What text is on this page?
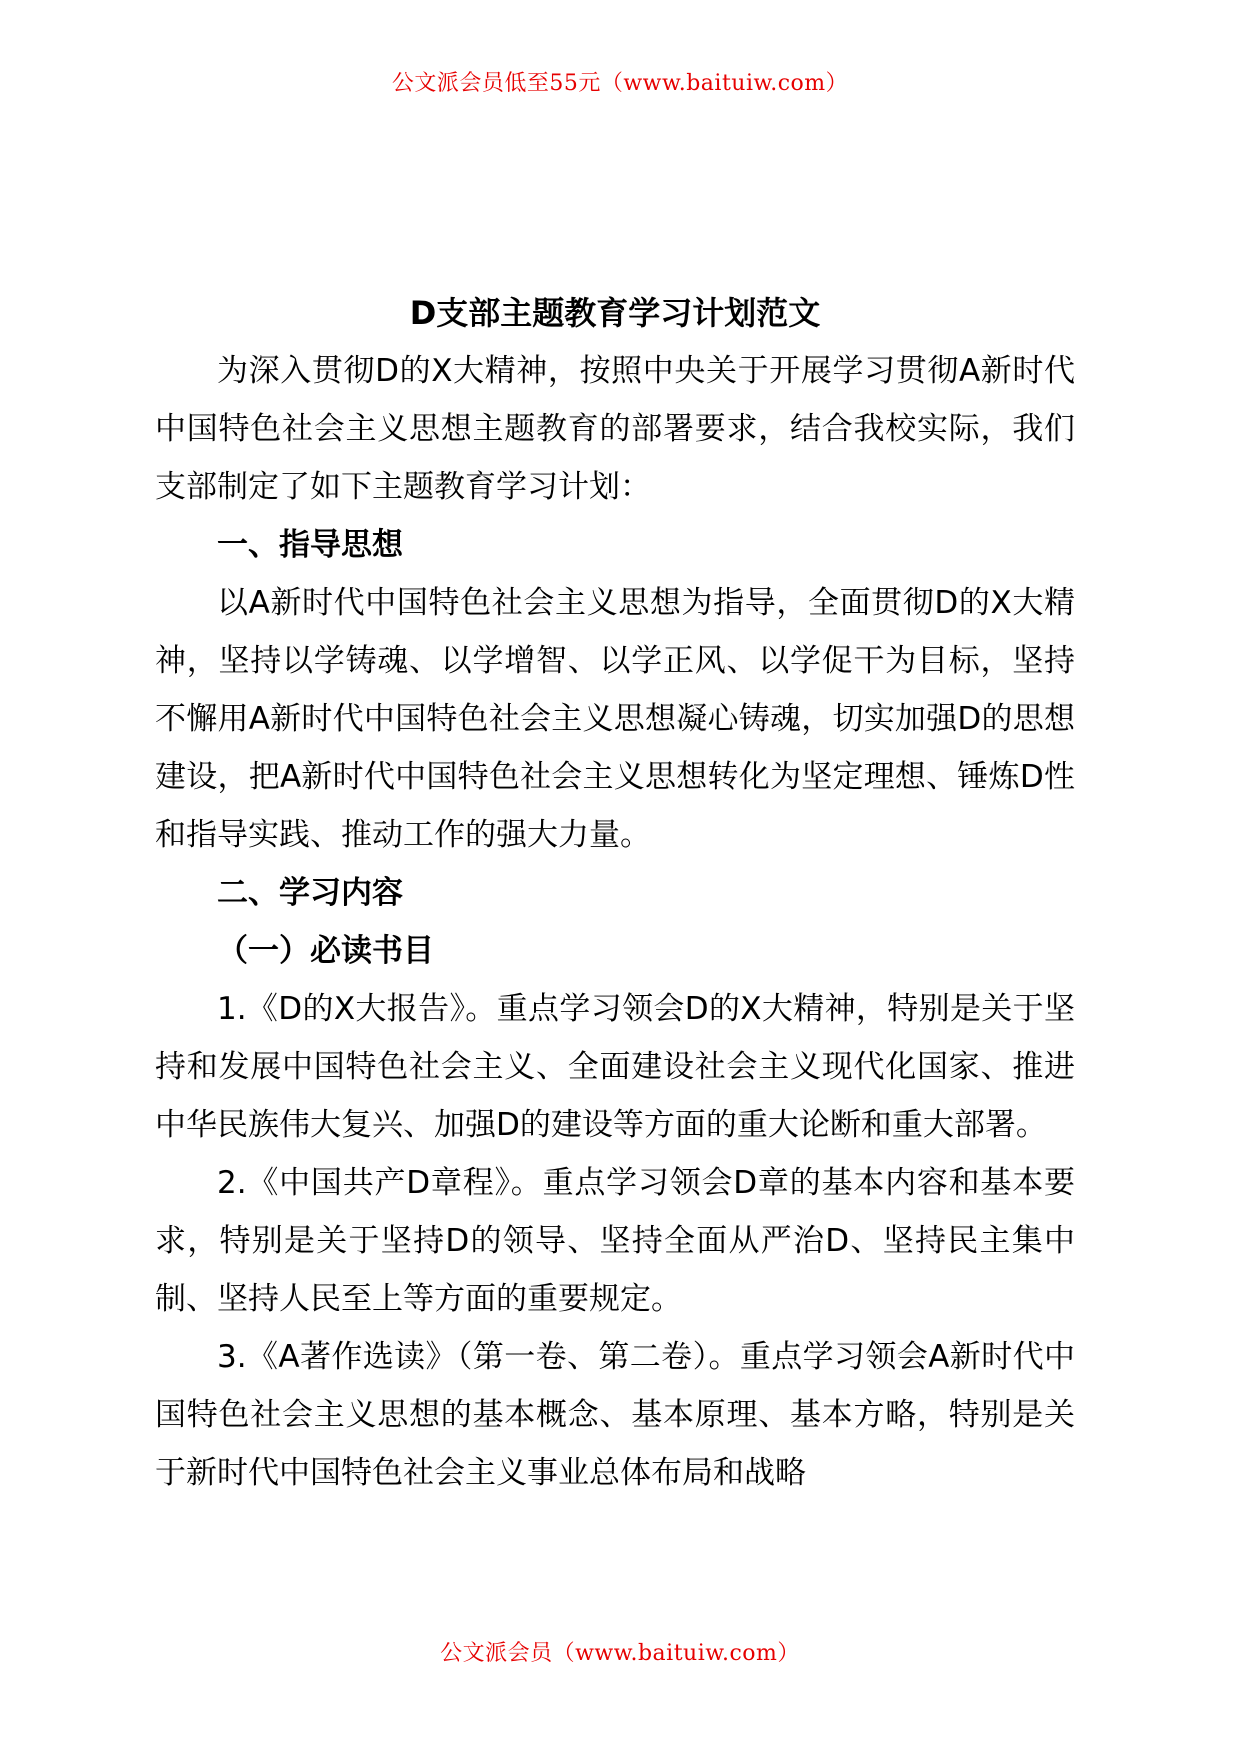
公文派会员低至55元（www.baituiw.com）
D支部主题教育学习计划范文

为深入贯彻D的X大精神，按照中央关于开展学习贯彻A新时代中国特色社会主义思想主题教育的部署要求，结合我校实际，我们支部制定了如下主题教育学习计划：

一、指导思想

以A新时代中国特色社会主义思想为指导，全面贯彻D的X大精神，坚持以学铸魂、以学增智、以学正风、以学促干为目标，坚持不懈用A新时代中国特色社会主义思想凝心铸魂，切实加强D的思想建设，把A新时代中国特色社会主义思想转化为坚定理想、锤炼D性和指导实践、推动工作的强大力量。

二、学习内容

（一）必读书目

1.《D的X大报告》。重点学习领会D的X大精神，特别是关于坚持和发展中国特色社会主义、全面建设社会主义现代化国家、推进中华民族伟大复兴、加强D的建设等方面的重大论断和重大部署。

2.《中国共产D章程》。重点学习领会D章的基本内容和基本要求，特别是关于坚持D的领导、坚持全面从严治D、坚持民主集中制、坚持人民至上等方面的重要规定。

3.《A著作选读》（第一卷、第二卷）。重点学习领会A新时代中国特色社会主义思想的基本概念、基本原理、基本方略，特别是关于新时代中国特色社会主义事业总体布局和战略

公文派会员（www.baituiw.com）
